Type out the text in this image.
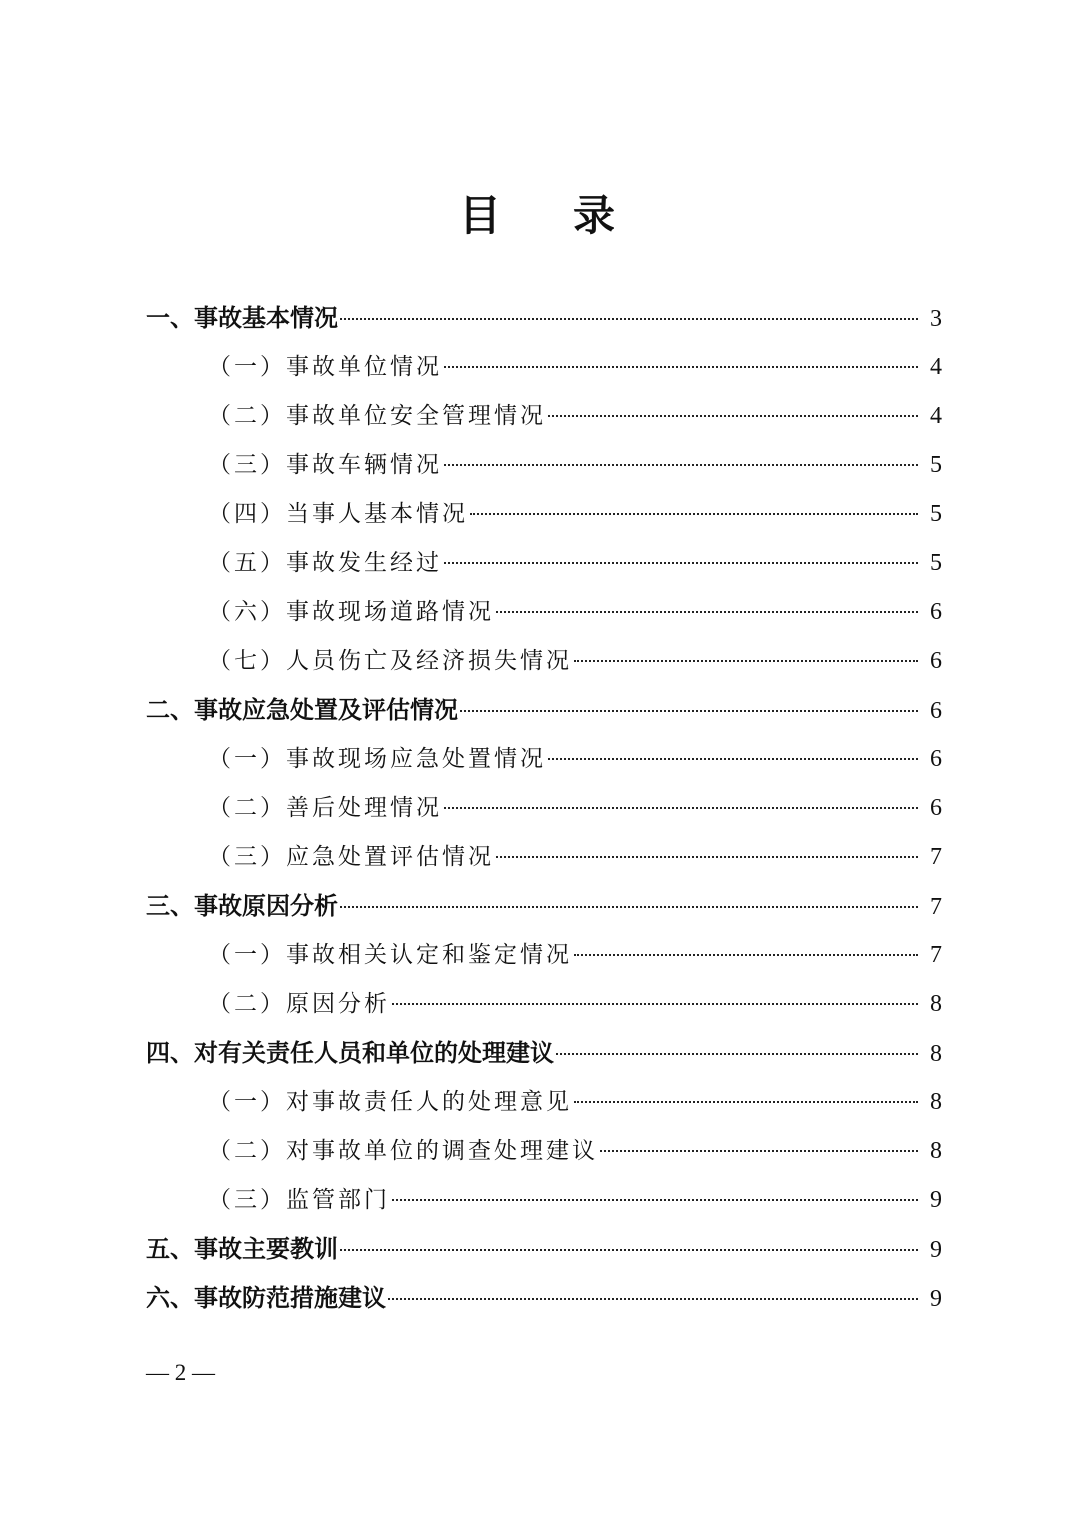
目 录
一、事故基本情况	3
（一）事故单位情况	4
（二）事故单位安全管理情况	4
（三）事故车辆情况	5
（四）当事人基本情况	5
（五）事故发生经过	5
（六）事故现场道路情况	6
（七）人员伤亡及经济损失情况	6
二、事故应急处置及评估情况	6
（一）事故现场应急处置情况	6
（二）善后处理情况	6
（三）应急处置评估情况	7
三、事故原因分析	7
（一）事故相关认定和鉴定情况	7
（二）原因分析	8
四、对有关责任人员和单位的处理建议	8
（一）对事故责任人的处理意见	8
（二）对事故单位的调查处理建议	8
（三）监管部门	9
五、事故主要教训	9
六、事故防范措施建议	9
— 2 —
